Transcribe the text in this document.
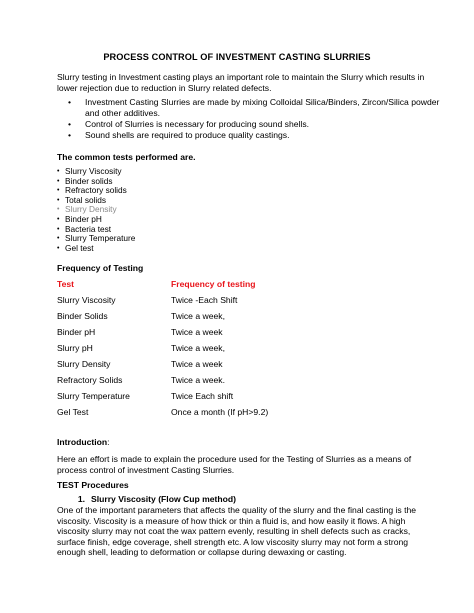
PROCESS CONTROL OF INVESTMENT CASTING SLURRIES
Slurry testing in Investment casting plays an important role to maintain the Slurry which results in lower rejection due to reduction in Slurry related defects.
• Investment Casting Slurries are made by mixing Colloidal Silica/Binders, Zircon/Silica powder and other additives.
• Control of Slurries is necessary for producing sound shells.
• Sound shells are required to produce quality castings.
The common tests performed are.
• Slurry Viscosity
• Binder solids
• Refractory solids
• Total solids
• Slurry Density
• Binder pH
• Bacteria test
• Slurry Temperature
• Gel test
Frequency of Testing
Test	Frequency of testing
Slurry Viscosity	Twice -Each Shift
Binder Solids	Twice a week,
Binder pH	Twice a week
Slurry pH	Twice a week,
Slurry Density	Twice a week
Refractory Solids	Twice a week.
Slurry Temperature	Twice Each shift
Gel Test	Once a month (If pH>9.2)
Introduction:
Here an effort is made to explain the procedure used for the Testing of Slurries as a means of process control of investment Casting Slurries.
TEST Procedures
1. Slurry Viscosity (Flow Cup method)
One of the important parameters that affects the quality of the slurry and the final casting is the viscosity. Viscosity is a measure of how thick or thin a fluid is, and how easily it flows. A high viscosity slurry may not coat the wax pattern evenly, resulting in shell defects such as cracks, surface finish, edge coverage, shell strength etc. A low viscosity slurry may not form a strong enough shell, leading to deformation or collapse during dewaxing or casting.
